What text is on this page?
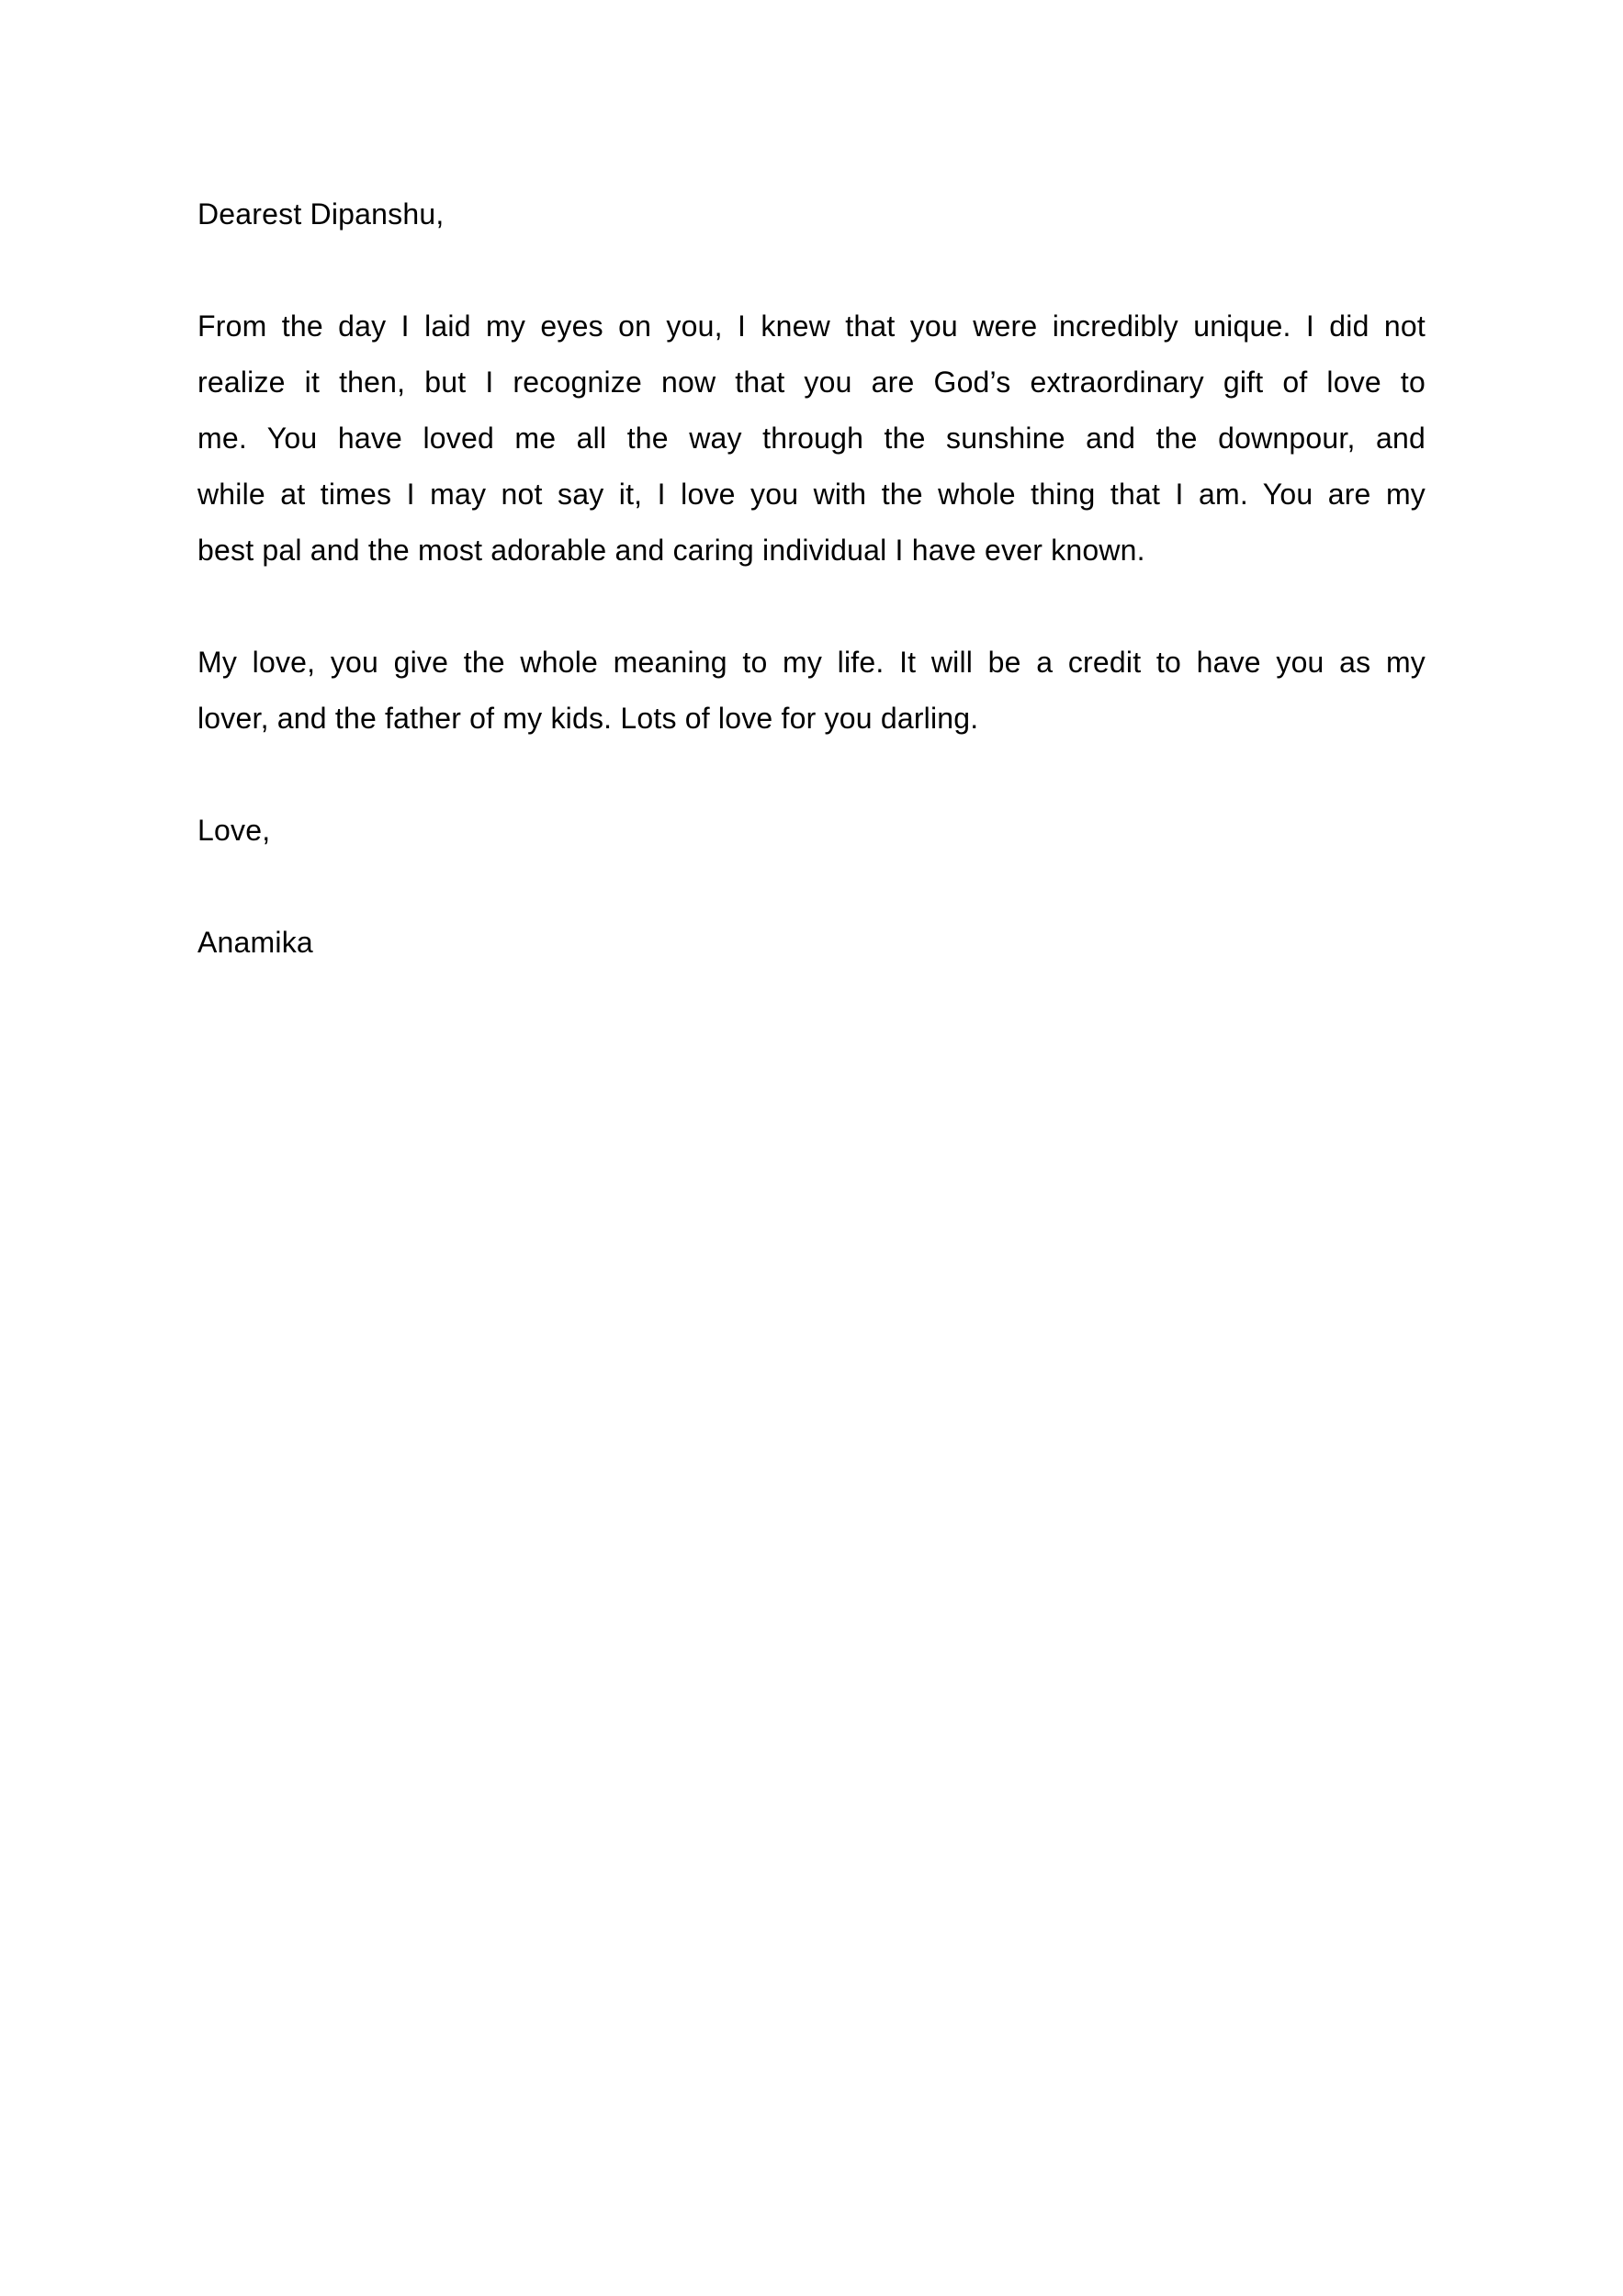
Dearest Dipanshu,
From the day I laid my eyes on you, I knew that you were incredibly unique. I did not
realize it then, but I recognize now that you are God’s extraordinary gift of love to
me. You have loved me all the way through the sunshine and the downpour, and
while at times I may not say it, I love you with the whole thing that I am. You are my
best pal and the most adorable and caring individual I have ever known.
My love, you give the whole meaning to my life. It will be a credit to have you as my
lover, and the father of my kids. Lots of love for you darling.
Love,
Anamika
